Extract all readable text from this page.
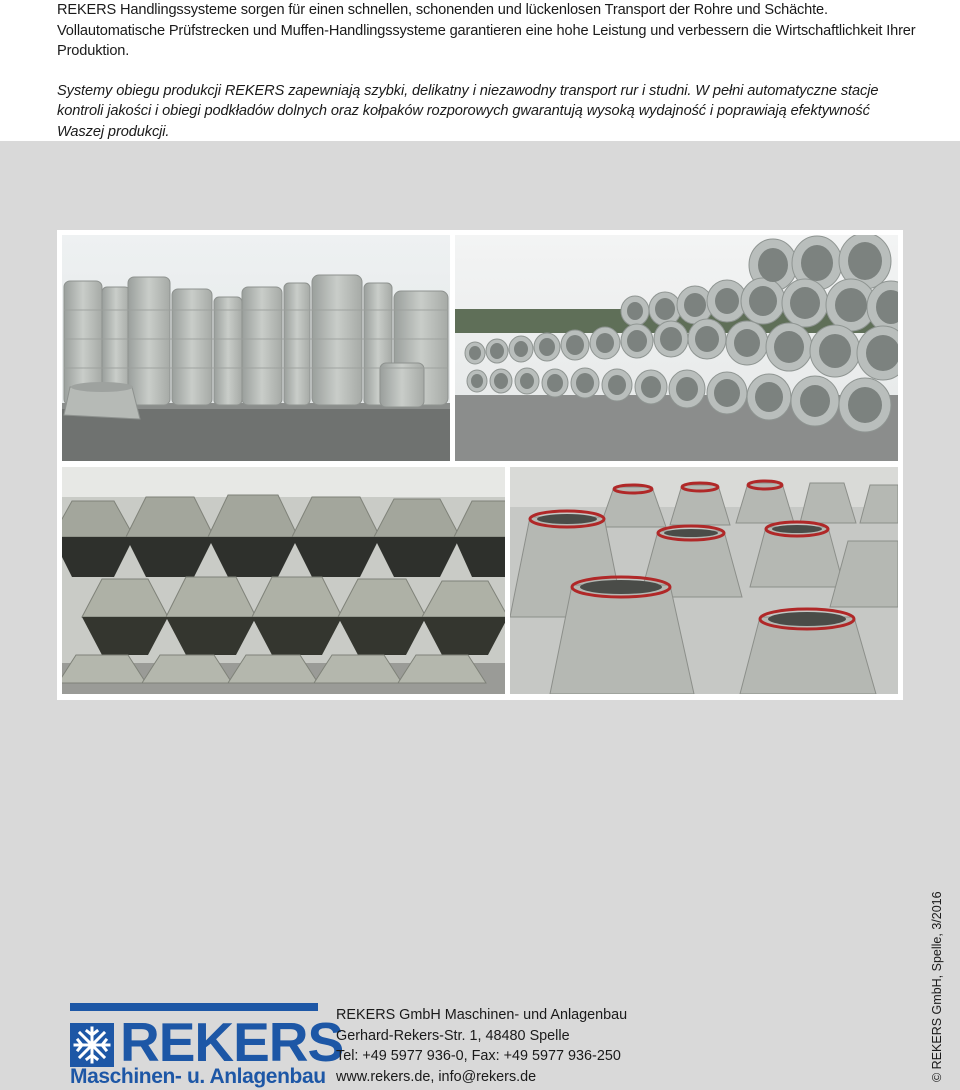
REKERS Handlingssysteme sorgen für einen schnellen, schonenden und lückenlosen Transport der Rohre und Schächte. Vollautomatische Prüfstrecken und Muffen-Handlingssysteme garantieren eine hohe Leistung und verbessern die Wirtschaftlichkeit Ihrer Produktion.

Systemy obiegu produkcji REKERS zapewniają szybki, delikatny i niezawodny transport rur i studni. W pełni automatyczne stacje kontroli jakości i obiegi podkładów dolnych oraz kołpaków rozporowych gwarantują wysoką wydajność i poprawiają efektywność Waszej produkcji.

REKERS
Maschinen- u. Anlagenbau
REKERS GmbH Maschinen- und Anlagenbau
Gerhard-Rekers-Str. 1, 48480 Spelle
Tel: +49 5977 936-0, Fax: +49 5977 936-250
www.rekers.de, info@rekers.de	© REKERS GmbH, Spelle, 3/2016
